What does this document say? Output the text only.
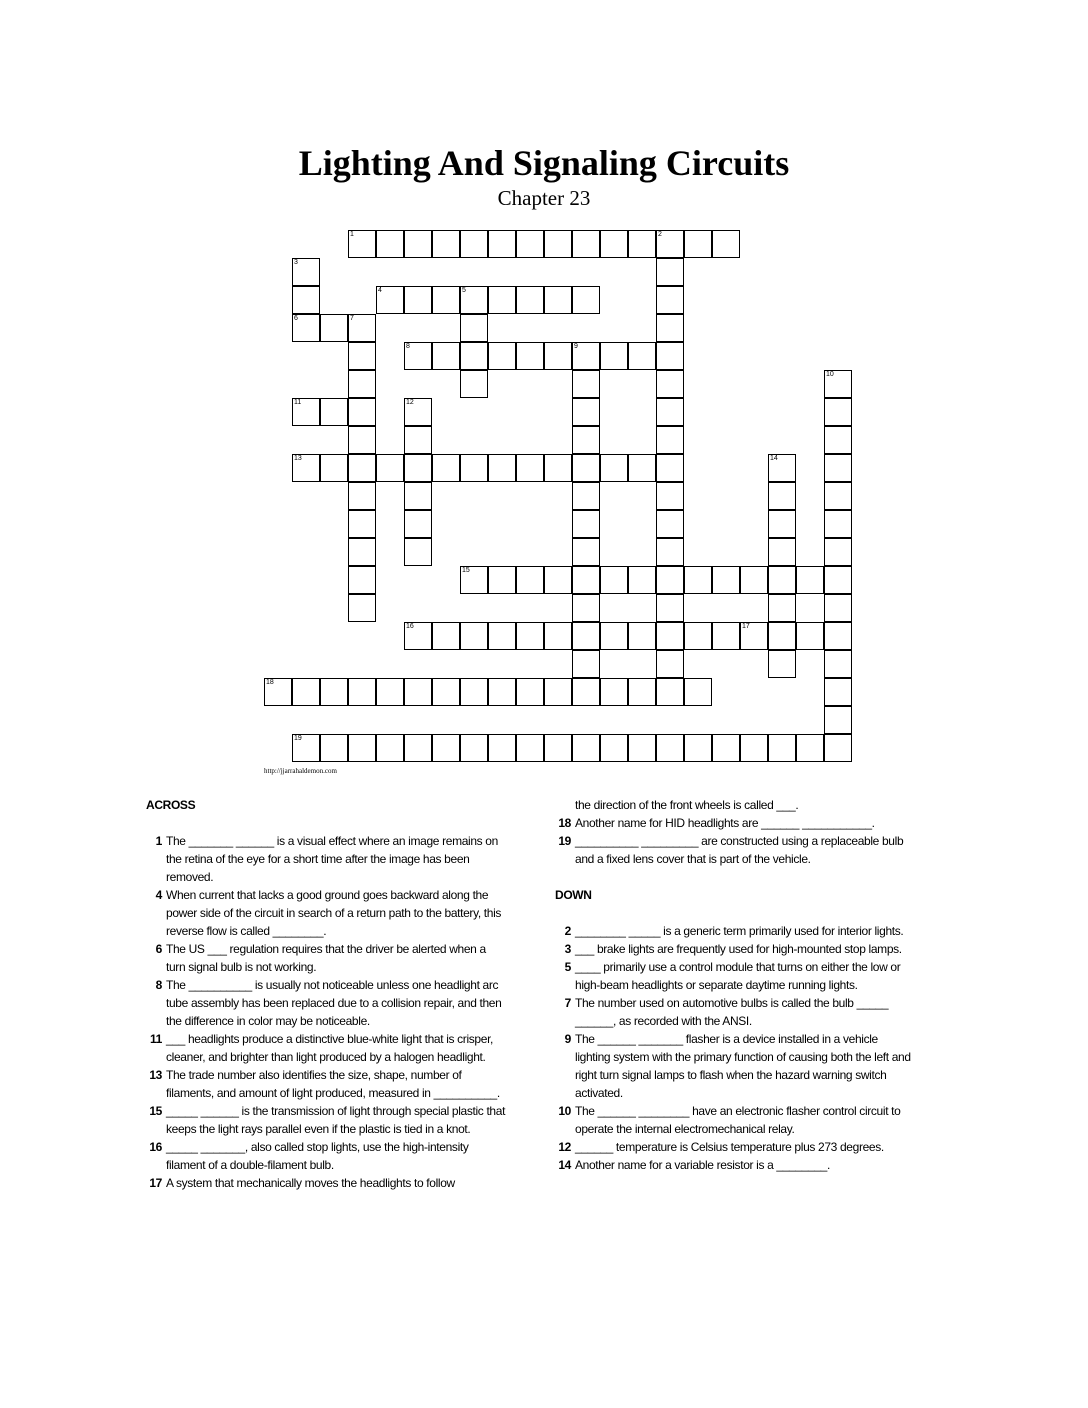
Lighting And Signaling Circuits
Chapter 23
1	2
4	5
6	7
8	9
11
13
15
16	17
18
19
3
10
12
14
http://jjarrahaldemon.com
ACROSS
1 The _______ ______ is a visual effect where an image remains on the retina of the eye for a short time after the image has been removed.
4 When current that lacks a good ground goes backward along the power side of the circuit in search of a return path to the battery, this reverse flow is called ________.
6 The US ___ regulation requires that the driver be alerted when a turn signal bulb is not working.
8 The __________ is usually not noticeable unless one headlight arc tube assembly has been replaced due to a collision repair, and then the difference in color may be noticeable.
11 ___ headlights produce a distinctive blue-white light that is crisper, cleaner, and brighter than light produced by a halogen headlight.
13 The trade number also identifies the size, shape, number of filaments, and amount of light produced, measured in __________.
15 _____ ______ is the transmission of light through special plastic that keeps the light rays parallel even if the plastic is tied in a knot.
16 _____ _______, also called stop lights, use the high-intensity filament of a double-filament bulb.
17 A system that mechanically moves the headlights to follow
the direction of the front wheels is called ___.
18 Another name for HID headlights are ______ ___________.
19 __________ _________ are constructed using a replaceable bulb and a fixed lens cover that is part of the vehicle.
DOWN
2 ________ _____ is a generic term primarily used for interior lights.
3 ___ brake lights are frequently used for high-mounted stop lamps.
5 ____ primarily use a control module that turns on either the low or high-beam headlights or separate daytime running lights.
7 The number used on automotive bulbs is called the bulb _____ ______, as recorded with the ANSI.
9 The ______ _______ flasher is a device installed in a vehicle lighting system with the primary function of causing both the left and right turn signal lamps to flash when the hazard warning switch activated.
10 The ______ ________ have an electronic flasher control circuit to operate the internal electromechanical relay.
12 ______ temperature is Celsius temperature plus 273 degrees.
14 Another name for a variable resistor is a ________.
